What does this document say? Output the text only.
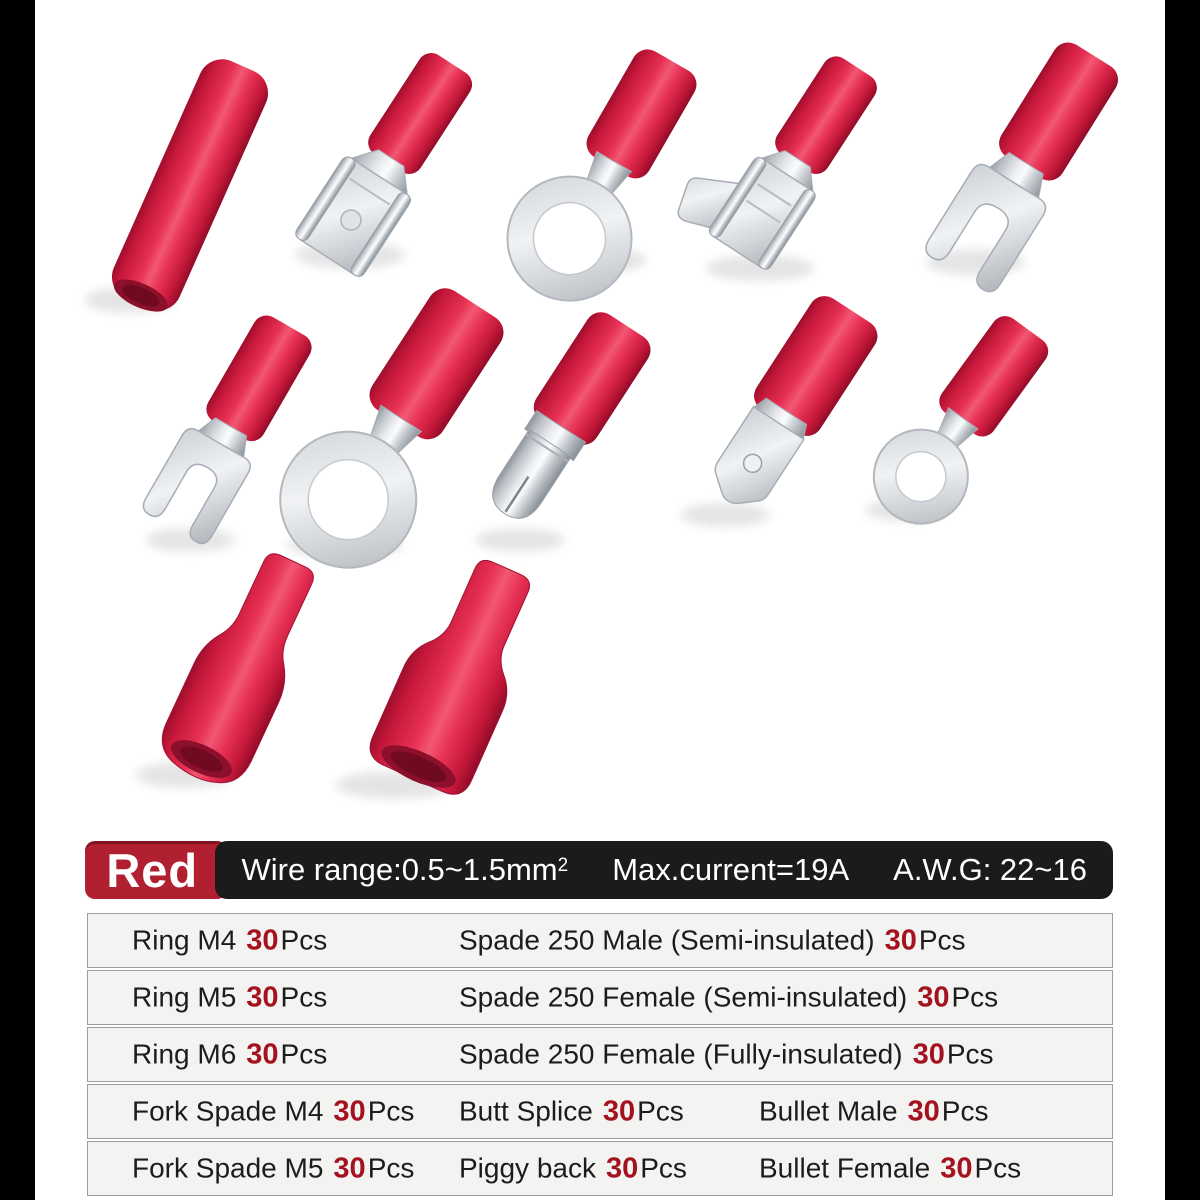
Red Wire $range:0.5\sim 1.5mm^2$ Max.current=19A A.W.G: 22~16
Ring M4 30Pcs	Spade 250 Male (Semi-insulated) 30Pcs
Ring M5 30Pcs	Spade 250 Female (Semi-insulated) 30Pcs
Ring M6 30Pcs	Spade 250 Female (Fully-insulated) 30Pcs
Fork Spade M4 30Pcs Butt Splice 30Pcs	Bullet Male 30Pcs
Fork Spade M5 30Pcs Piggy back 30Pcs	Bullet Female 30Pcs
